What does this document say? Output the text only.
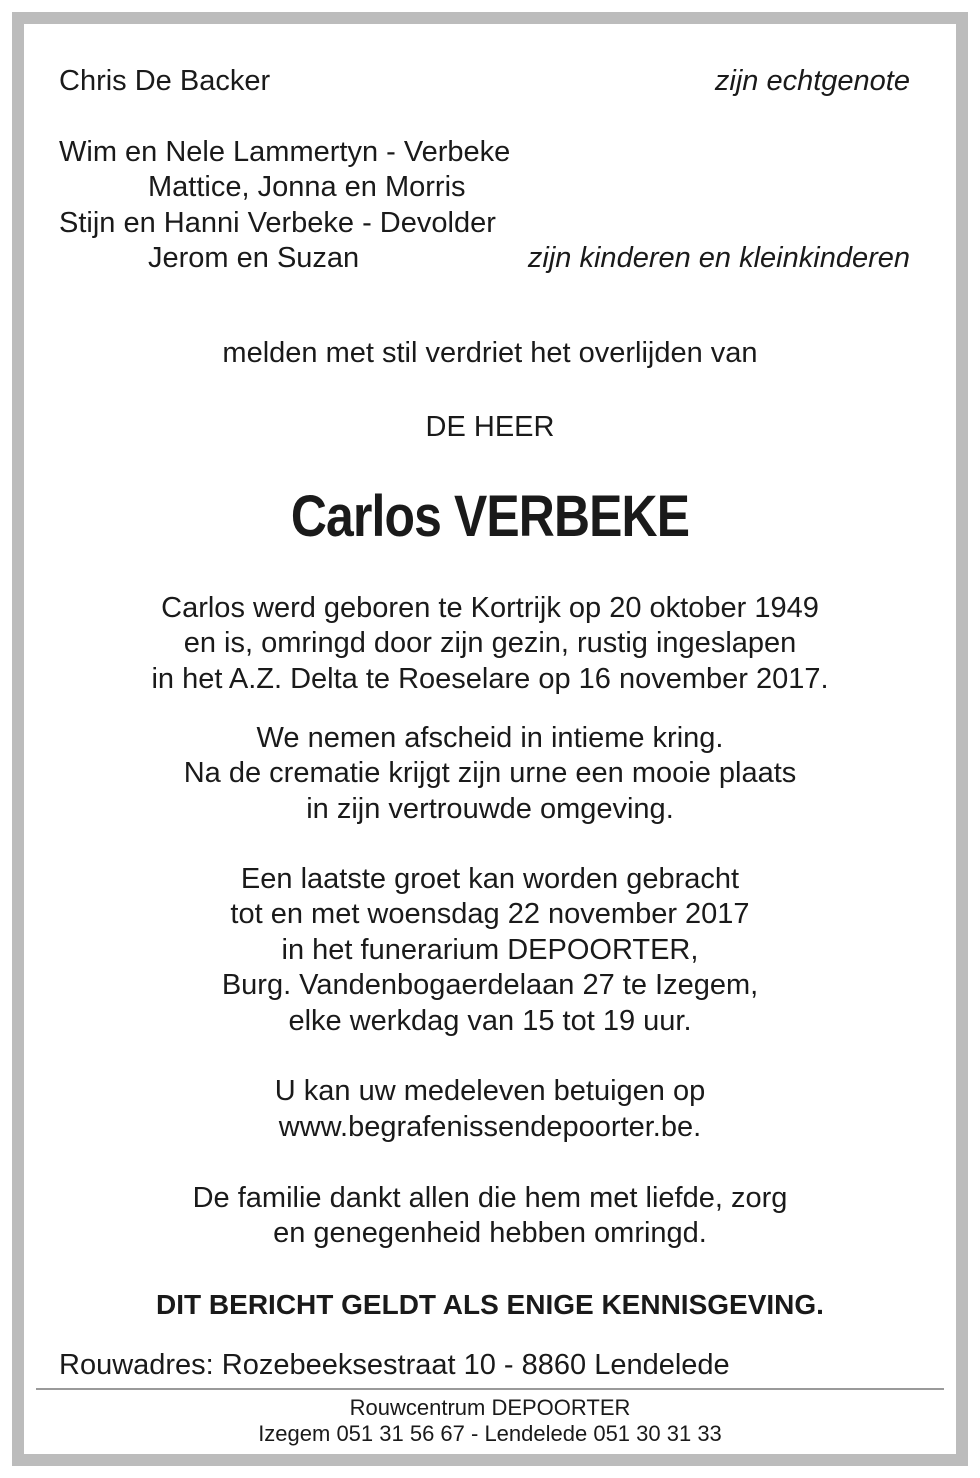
Chris De Backer	zijn echtgenote
Wim en Nele Lammertyn - Verbeke
Mattice, Jonna en Morris
Stijn en Hanni Verbeke - Devolder
Jerom en Suzan	zijn kinderen en kleinkinderen
melden met stil verdriet het overlijden van
DE HEER
Carlos VERBEKE
Carlos werd geboren te Kortrijk op 20 oktober 1949
en is, omringd door zijn gezin, rustig ingeslapen
in het A.Z. Delta te Roeselare op 16 november 2017.
We nemen afscheid in intieme kring.
Na de crematie krijgt zijn urne een mooie plaats
in zijn vertrouwde omgeving.
Een laatste groet kan worden gebracht
tot en met woensdag 22 november 2017
in het funerarium DEPOORTER,
Burg. Vandenbogaerdelaan 27 te Izegem,
elke werkdag van 15 tot 19 uur.
U kan uw medeleven betuigen op
www.begrafenissendepoorter.be.
De familie dankt allen die hem met liefde, zorg
en genegenheid hebben omringd.
DIT BERICHT GELDT ALS ENIGE KENNISGEVING.
Rouwadres: Rozebeeksestraat 10 - 8860 Lendelede
Rouwcentrum DEPOORTER
Izegem 051 31 56 67 - Lendelede 051 30 31 33
